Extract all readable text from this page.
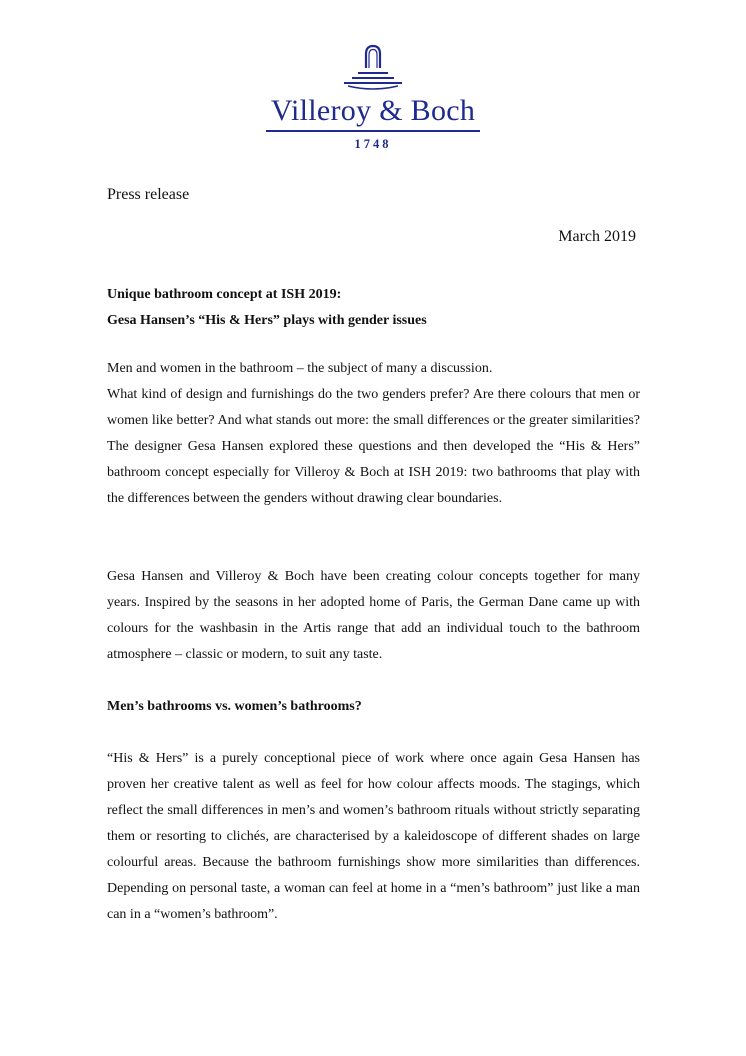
Villeroy & Boch
1748
Press release
March 2019
Unique bathroom concept at ISH 2019:
Gesa Hansen’s “His & Hers” plays with gender issues
Men and women in the bathroom – the subject of many a discussion.
What kind of design and furnishings do the two genders prefer? Are there colours that men or women like better? And what stands out more: the small differences or the greater similarities? The designer Gesa Hansen explored these questions and then developed the “His & Hers” bathroom concept especially for Villeroy & Boch at ISH 2019: two bathrooms that play with the differences between the genders without drawing clear boundaries.
Gesa Hansen and Villeroy & Boch have been creating colour concepts together for many years. Inspired by the seasons in her adopted home of Paris, the German Dane came up with colours for the washbasin in the Artis range that add an individual touch to the bathroom atmosphere – classic or modern, to suit any taste.
Men’s bathrooms vs. women’s bathrooms?
“His & Hers” is a purely conceptional piece of work where once again Gesa Hansen has proven her creative talent as well as feel for how colour affects moods. The stagings, which reflect the small differences in men’s and women’s bathroom rituals without strictly separating them or resorting to clichés, are characterised by a kaleidoscope of different shades on large colourful areas. Because the bathroom furnishings show more similarities than differences. Depending on personal taste, a woman can feel at home in a “men’s bathroom” just like a man can in a “women’s bathroom”.
